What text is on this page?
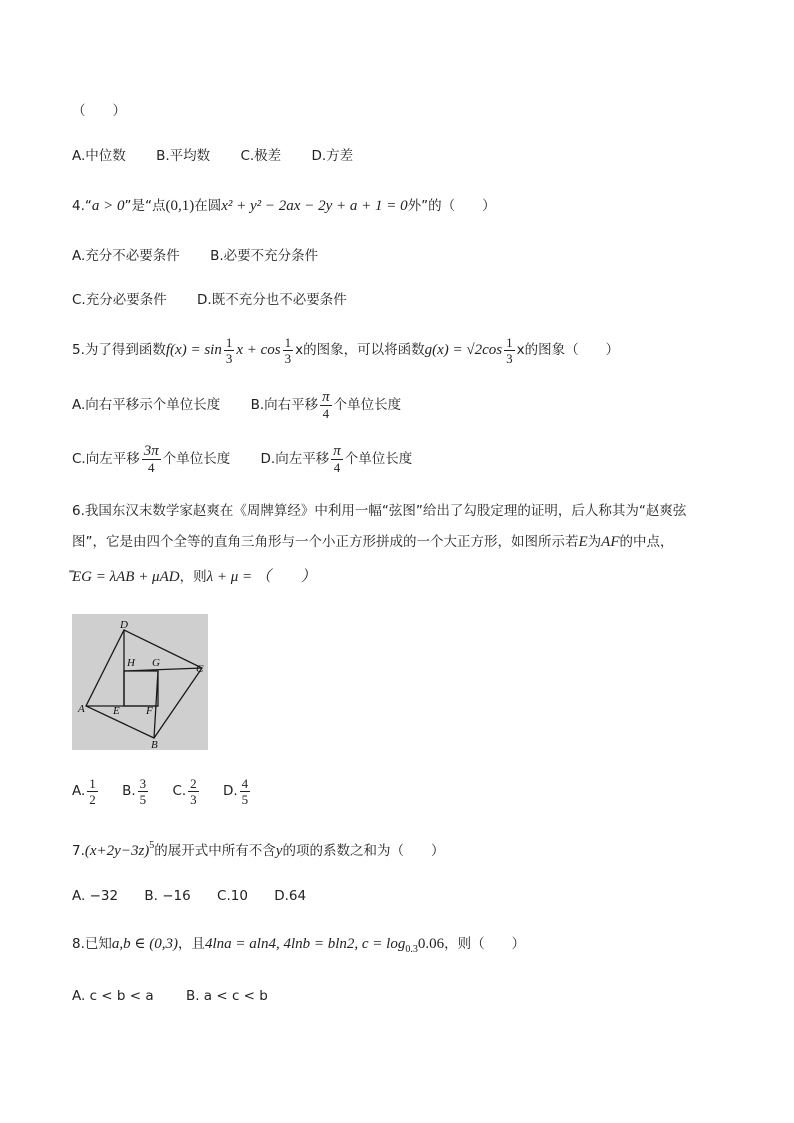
（　　）
A.中位数 B.平均数 C.极差 D.方差
4.“a > 0”是“点(0,1)在圆x² + y² − 2ax − 2y + a + 1 = 0外”的（　　）
A.充分不必要条件 B.必要不充分条件
C.充分必要条件 D.既不充分也不必要条件
5.为了得到函数$f(x) = \sin \frac{1}{3}$ $x + \cos \frac{1}{3}$ x的图象，可以将函数$g(x) = √2\cos \frac{1}{3}$ x的图象（　　）
A.向右平移示个单位长度 B.向右平移 $\frac{\pi}{4}$ 个单位长度
C.向左平移 $\frac{3\pi}{4}$ 个单位长度 D.向左平移 $\frac{\pi}{4}$ 个单位长度
6.我国东汉末数学家赵爽在《周牌算经》中利用一幅“弦图”给出了勾股定理的证明，后人称其为“赵爽弦
图”，它是由四个全等的直角三角形与一个小正方形拼成的一个大正方形，如图所示若E为AF的中点，
̳̳ EG = λAB + μAD，则λ + μ = （　　）
D
C
A
B
H G
E F
A. $\frac{1}{2} B$. $\frac{3}{5} C$. $\frac{2}{3} D$. $\frac{4}{5}$
$7.(x+2y-3z)^5$的展开式中所有不含y的项的系数之和为（　　）
A. −32 B. −16 C.10 D.64
8.已知a,b ∈ (0,3)，且4lna = aln4, 4lnb = bln2, $c = \log_{0.3}0.06$，则（　　）
A. c < b < a B. a < c < b
